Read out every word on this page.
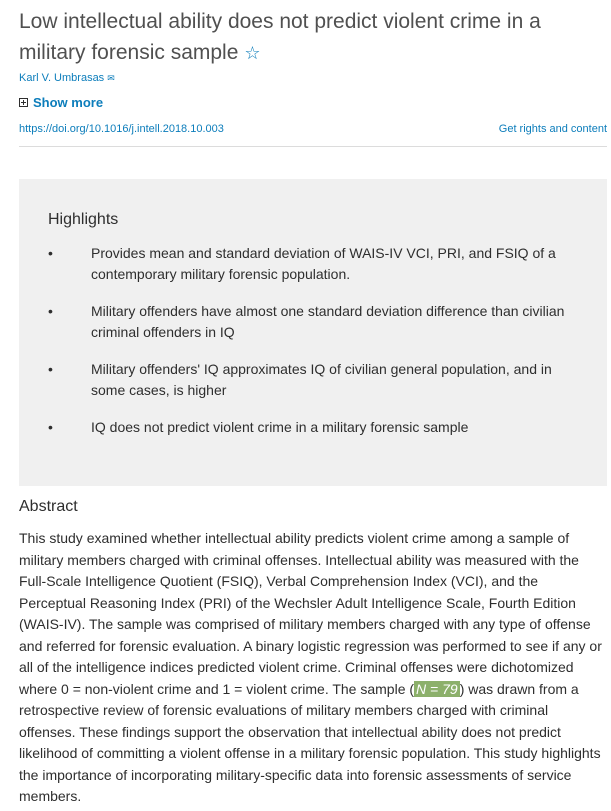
Low intellectual ability does not predict violent crime in a military forensic sample ☆
Karl V. Umbrasas ✉
Show more
https://doi.org/10.1016/j.intell.2018.10.003	Get rights and content
Highlights
•	Provides mean and standard deviation of WAIS-IV VCI, PRI, and FSIQ of a contemporary military forensic population.
•	Military offenders have almost one standard deviation difference than civilian criminal offenders in IQ
•	Military offenders' IQ approximates IQ of civilian general population, and in some cases, is higher
•	IQ does not predict violent crime in a military forensic sample
Abstract

This study examined whether intellectual ability predicts violent crime among a sample of military members charged with criminal offenses. Intellectual ability was measured with the Full-Scale Intelligence Quotient (FSIQ), Verbal Comprehension Index (VCI), and the Perceptual Reasoning Index (PRI) of the Wechsler Adult Intelligence Scale, Fourth Edition (WAIS-IV). The sample was comprised of military members charged with any type of offense and referred for forensic evaluation. A binary logistic regression was performed to see if any or all of the intelligence indices predicted violent crime. Criminal offenses were dichotomized where 0 = non-violent crime and 1 = violent crime. The sample ( N = 79 ) was drawn from a retrospective review of forensic evaluations of military members charged with criminal offenses. These findings support the observation that intellectual ability does not predict likelihood of committing a violent offense in a military forensic population. This study highlights the importance of incorporating military-specific data into forensic assessments of service members.
